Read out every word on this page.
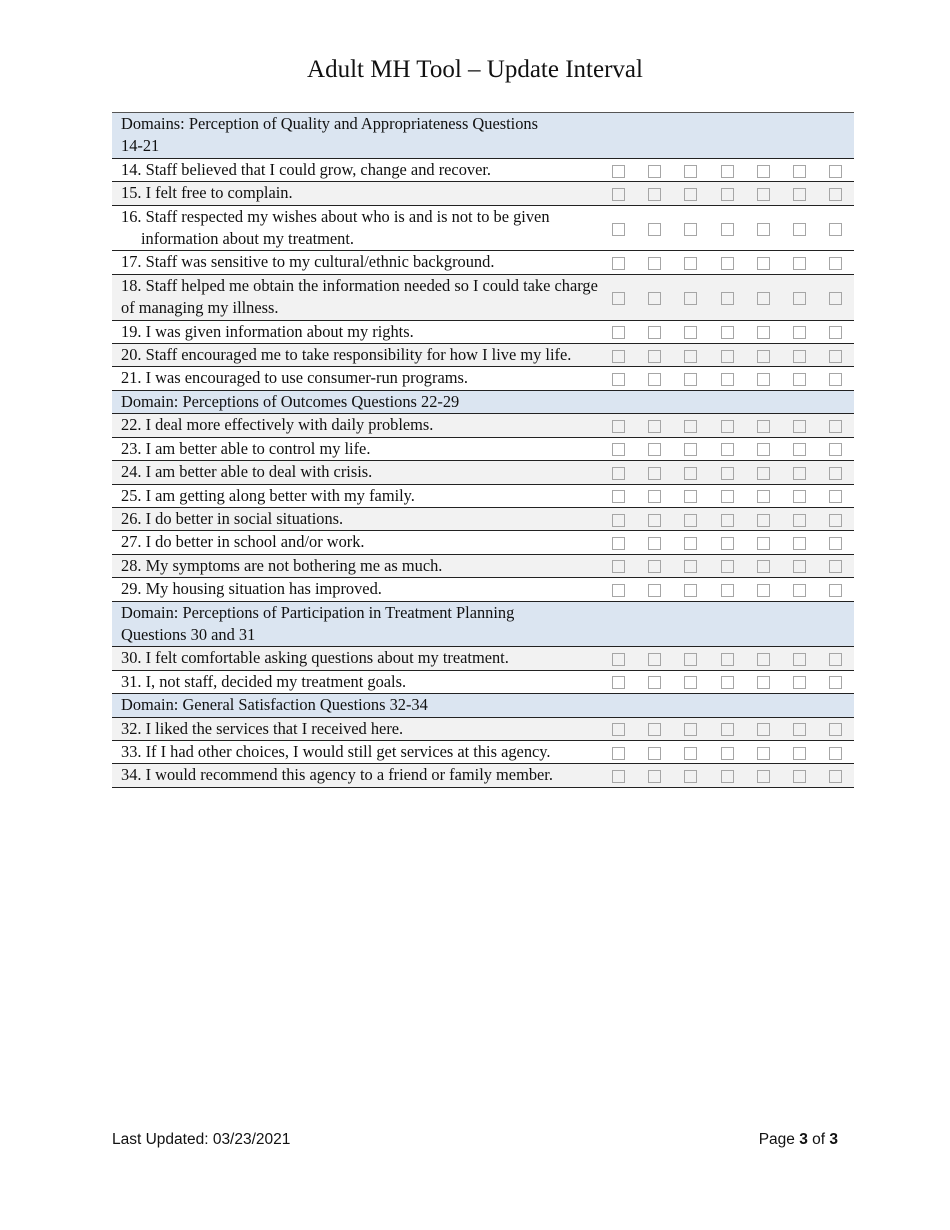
Adult MH Tool – Update Interval
Domains: Perception of Quality and Appropriateness Questions 14-21							

14. Staff believed that I could grow, change and recover.							

15. I felt free to complain.							

16. Staff respected my wishes about who is and is not to be given information about my treatment.							

17. Staff was sensitive to my cultural/ethnic background.							

18. Staff helped me obtain the information needed so I could take charge of managing my illness.							

19. I was given information about my rights.							

20. Staff encouraged me to take responsibility for how I live my life.							

21. I was encouraged to use consumer-run programs.							

Domain: Perceptions of Outcomes Questions 22-29							

22. I deal more effectively with daily problems.							

23. I am better able to control my life.							

24. I am better able to deal with crisis.							

25. I am getting along better with my family.							

26. I do better in social situations.							

27. I do better in school and/or work.							

28. My symptoms are not bothering me as much.							

29. My housing situation has improved.							

Domain: Perceptions of Participation in Treatment Planning Questions 30 and 31							

30. I felt comfortable asking questions about my treatment.							

31. I, not staff, decided my treatment goals.							

Domain: General Satisfaction Questions 32-34							

32. I liked the services that I received here.							

33. If I had other choices, I would still get services at this agency.							

34. I would recommend this agency to a friend or family member.							

Last Updated: 03/23/2021	Page 3 of 3
